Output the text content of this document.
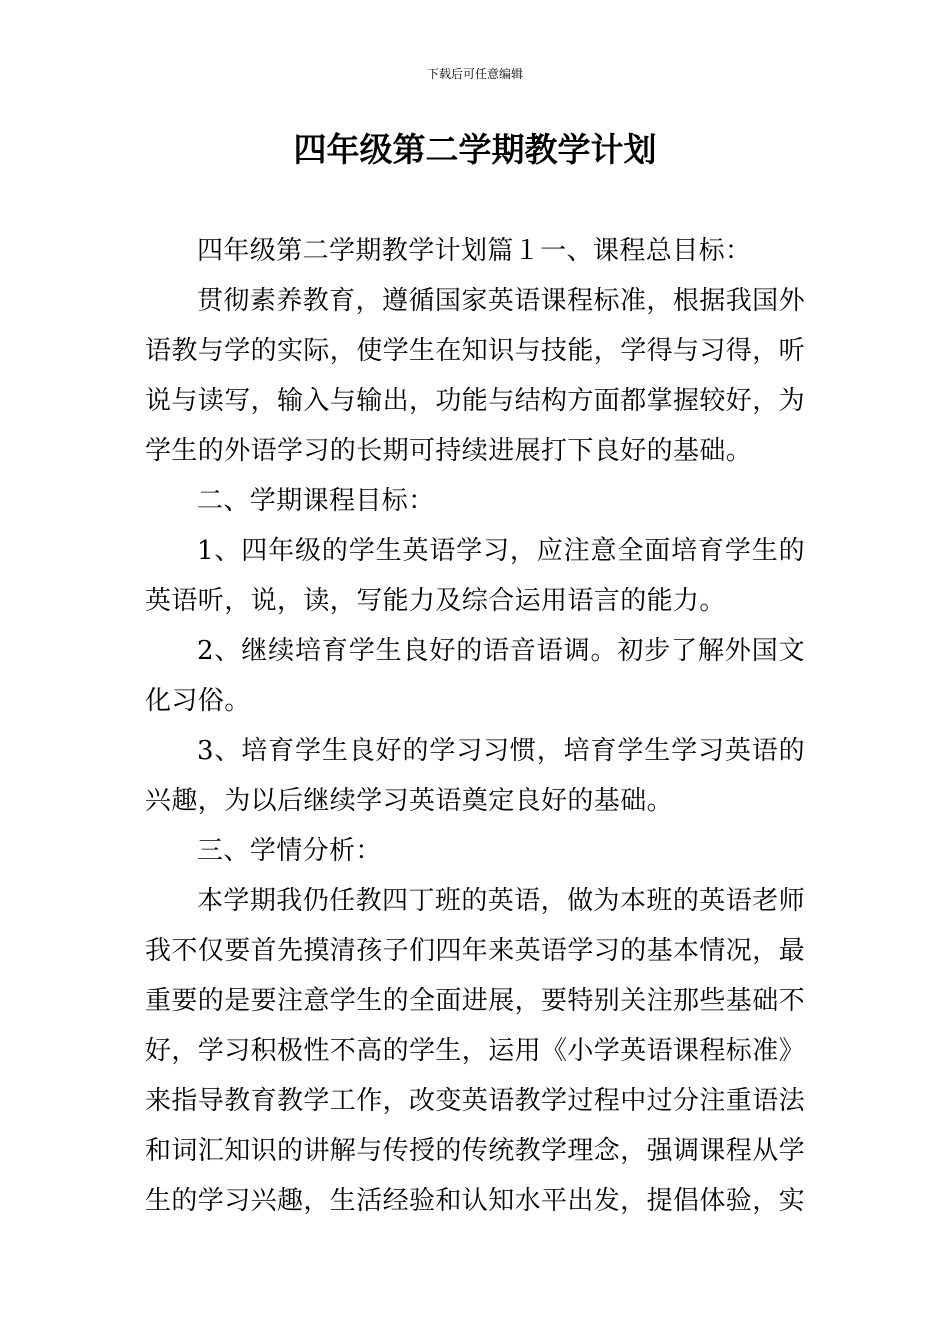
下载后可任意编辑
四年级第二学期教学计划

四年级第二学期教学计划篇１一、课程总目标：

贯彻素养教育，遵循国家英语课程标准，根据我国外语教与学的实际，使学生在知识与技能，学得与习得，听说与读写，输入与输出，功能与结构方面都掌握较好，为学生的外语学习的长期可持续进展打下良好的基础。

二、学期课程目标：

1、四年级的学生英语学习，应注意全面培育学生的英语听，说，读，写能力及综合运用语言的能力。

2、继续培育学生良好的语音语调。初步了解外国文化习俗。

3、培育学生良好的学习习惯，培育学生学习英语的兴趣，为以后继续学习英语奠定良好的基础。

三、学情分析：

本学期我仍任教四丁班的英语，做为本班的英语老师我不仅要首先摸清孩子们四年来英语学习的基本情况，最重要的是要注意学生的全面进展，要特别关注那些基础不好，学习积极性不高的学生，运用《小学英语课程标准》来指导教育教学工作，改变英语教学过程中过分注重语法和词汇知识的讲解与传授的传统教学理念，强调课程从学生的学习兴趣，生活经验和认知水平出发，提倡体验，实
